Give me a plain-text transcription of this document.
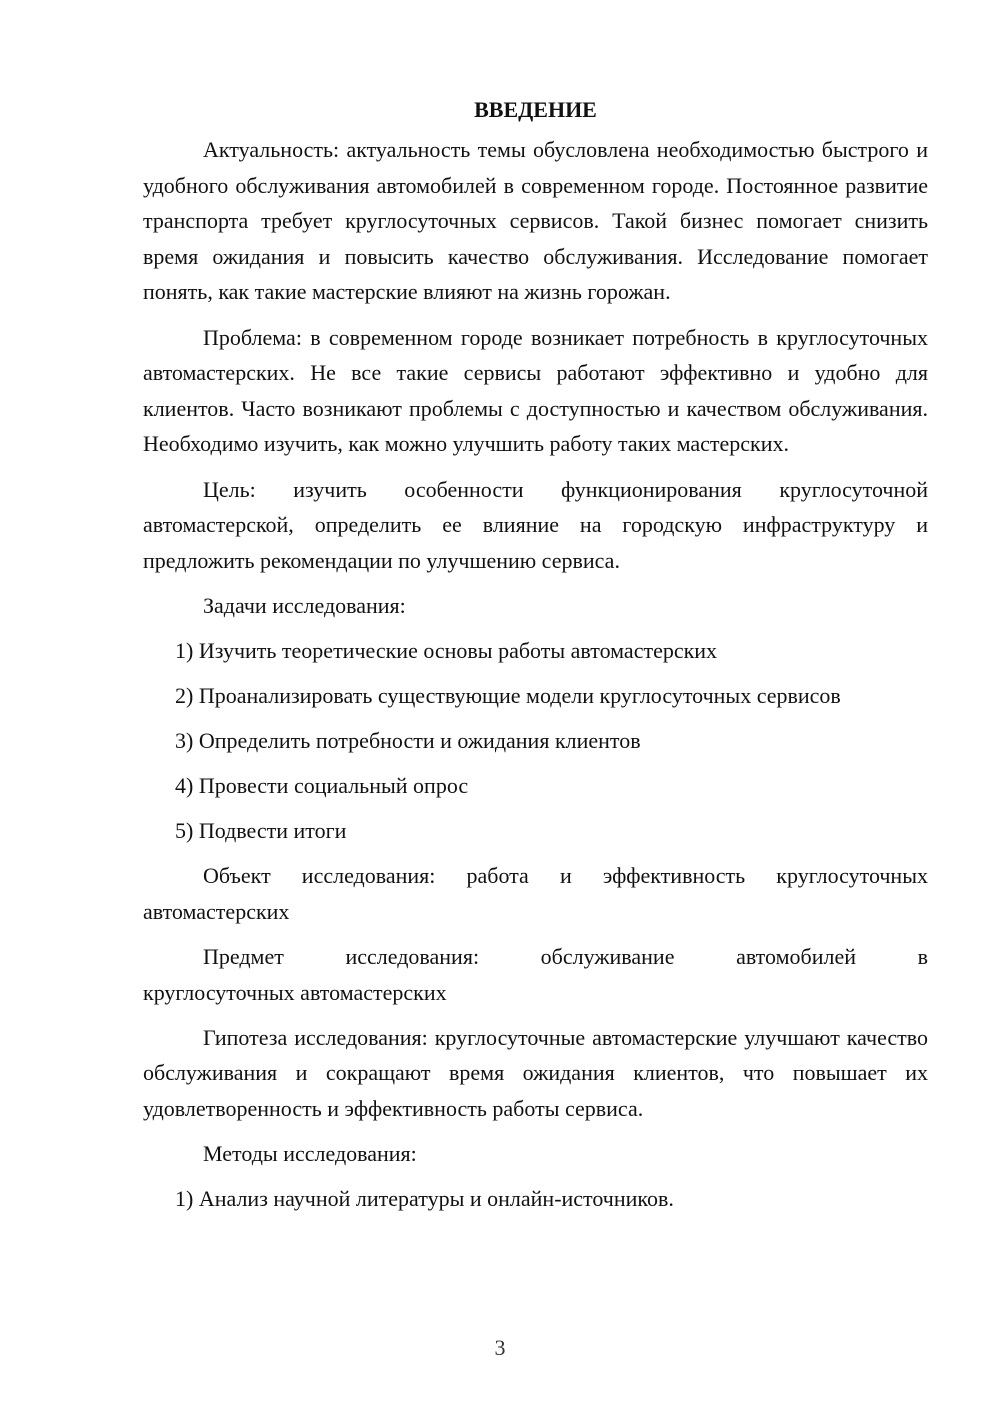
ВВЕДЕНИЕ

Актуальность: актуальность темы обусловлена необходимостью быстрого и удобного обслуживания автомобилей в современном городе. Постоянное развитие транспорта требует круглосуточных сервисов. Такой бизнес помогает снизить время ожидания и повысить качество обслуживания. Исследование помогает понять, как такие мастерские влияют на жизнь горожан.

Проблема: в современном городе возникает потребность в круглосуточных автомастерских. Не все такие сервисы работают эффективно и удобно для клиентов. Часто возникают проблемы с доступностью и качеством обслуживания. Необходимо изучить, как можно улучшить работу таких мастерских.

Цель: изучить особенности функционирования круглосуточной автомастерской, определить ее влияние на городскую инфраструктуру и предложить рекомендации по улучшению сервиса.

Задачи исследования:
1) Изучить теоретические основы работы автомастерских
2) Проанализировать существующие модели круглосуточных сервисов
3) Определить потребности и ожидания клиентов
4) Провести социальный опрос
5) Подвести итоги

Объект исследования: работа и эффективность круглосуточных автомастерских

Предмет исследования: обслуживание автомобилей в
круглосуточных автомастерских

Гипотеза исследования: круглосуточные автомастерские улучшают качество обслуживания и сокращают время ожидания клиентов, что повышает их удовлетворенность и эффективность работы сервиса.

Методы исследования:
1) Анализ научной литературы и онлайн-источников.
3
